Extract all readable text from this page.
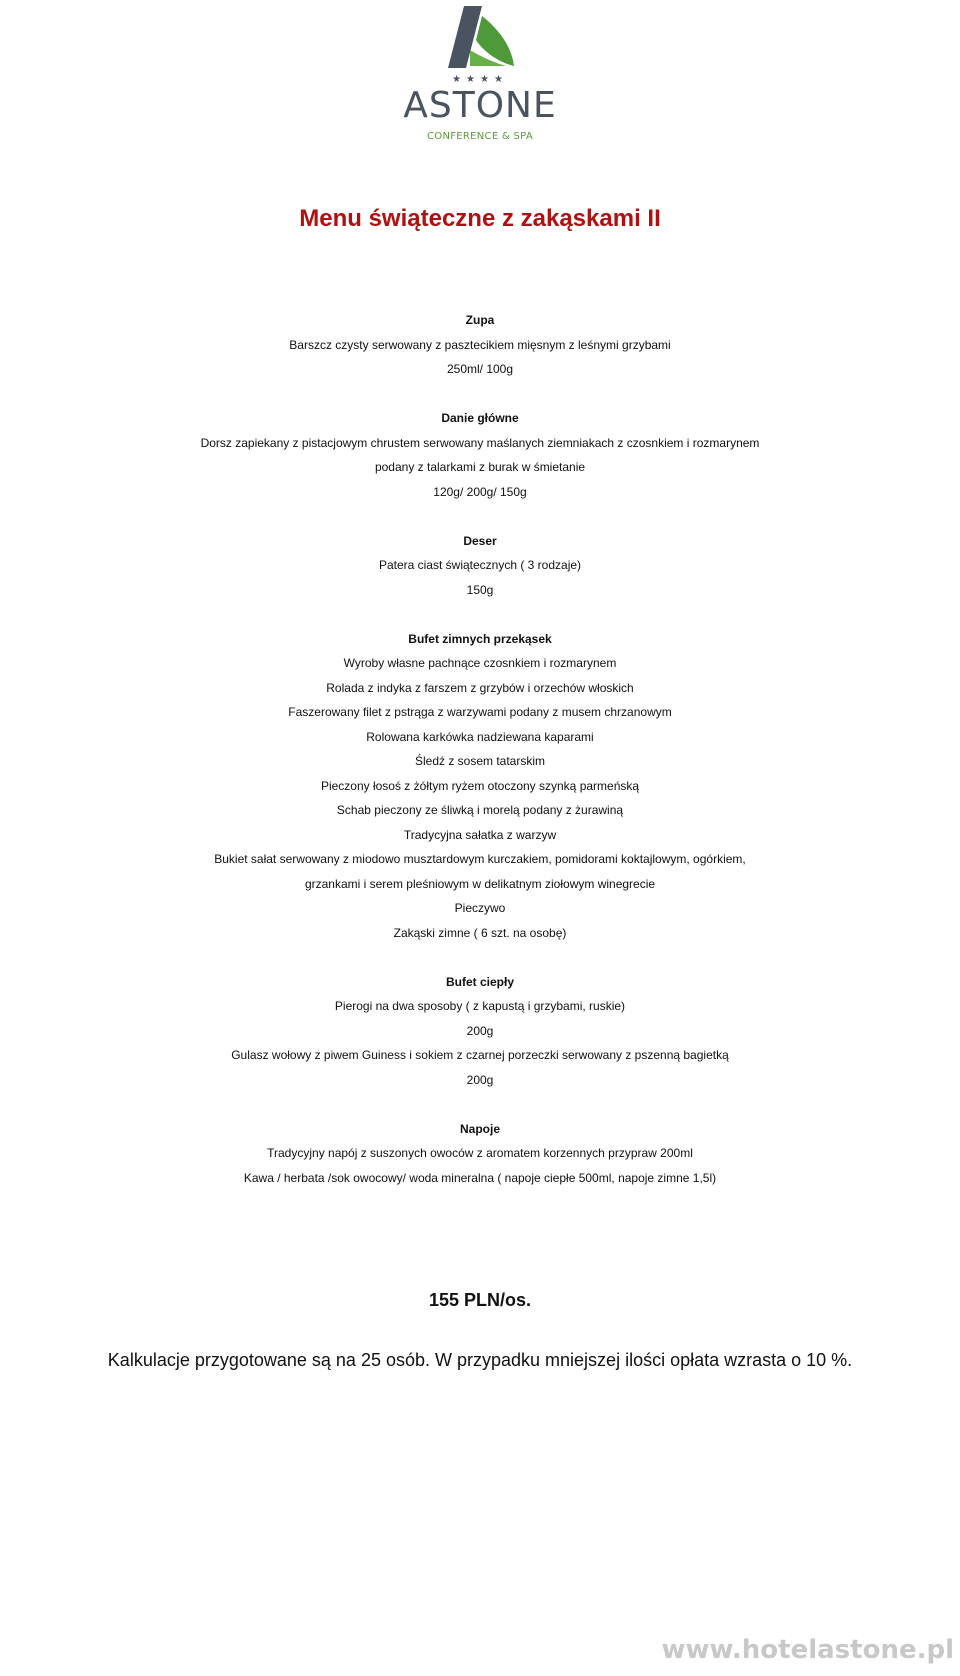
★★★★
ASTONE
CONFERENCE & SPA
Menu świąteczne z zakąskami II
Zupa
Barszcz czysty serwowany z pasztecikiem mięsnym z leśnymi grzybami
250ml/ 100g
Danie główne
Dorsz zapiekany z pistacjowym chrustem serwowany maślanych ziemniakach z czosnkiem i rozmarynem
podany z talarkami z burak w śmietanie
120g/ 200g/ 150g
Deser
Patera ciast świątecznych ( 3 rodzaje)
150g
Bufet zimnych przekąsek
Wyroby własne pachnące czosnkiem i rozmarynem
Rolada z indyka z farszem z grzybów i orzechów włoskich
Faszerowany filet z pstrąga z warzywami podany z musem chrzanowym
Rolowana karkówka nadziewana kaparami
Śledź z sosem tatarskim
Pieczony łosoś z żółtym ryżem otoczony szynką parmeńską
Schab pieczony ze śliwką i morelą podany z żurawiną
Tradycyjna sałatka z warzyw
Bukiet sałat serwowany z miodowo musztardowym kurczakiem, pomidorami koktajlowym, ogórkiem,
grzankami i serem pleśniowym w delikatnym ziołowym winegrecie
Pieczywo
Zakąski zimne ( 6 szt. na osobę)
Bufet ciepły
Pierogi na dwa sposoby ( z kapustą i grzybami, ruskie)
200g
Gulasz wołowy z piwem Guiness i sokiem z czarnej porzeczki serwowany z pszenną bagietką
200g
Napoje
Tradycyjny napój z suszonych owoców z aromatem korzennych przypraw 200ml
Kawa / herbata /sok owocowy/ woda mineralna ( napoje ciepłe 500ml, napoje zimne 1,5l)
155 PLN/os.
Kalkulacje przygotowane są na 25 osób. W przypadku mniejszej ilości opłata wzrasta o 10 %.
www.hotelastone.pl
